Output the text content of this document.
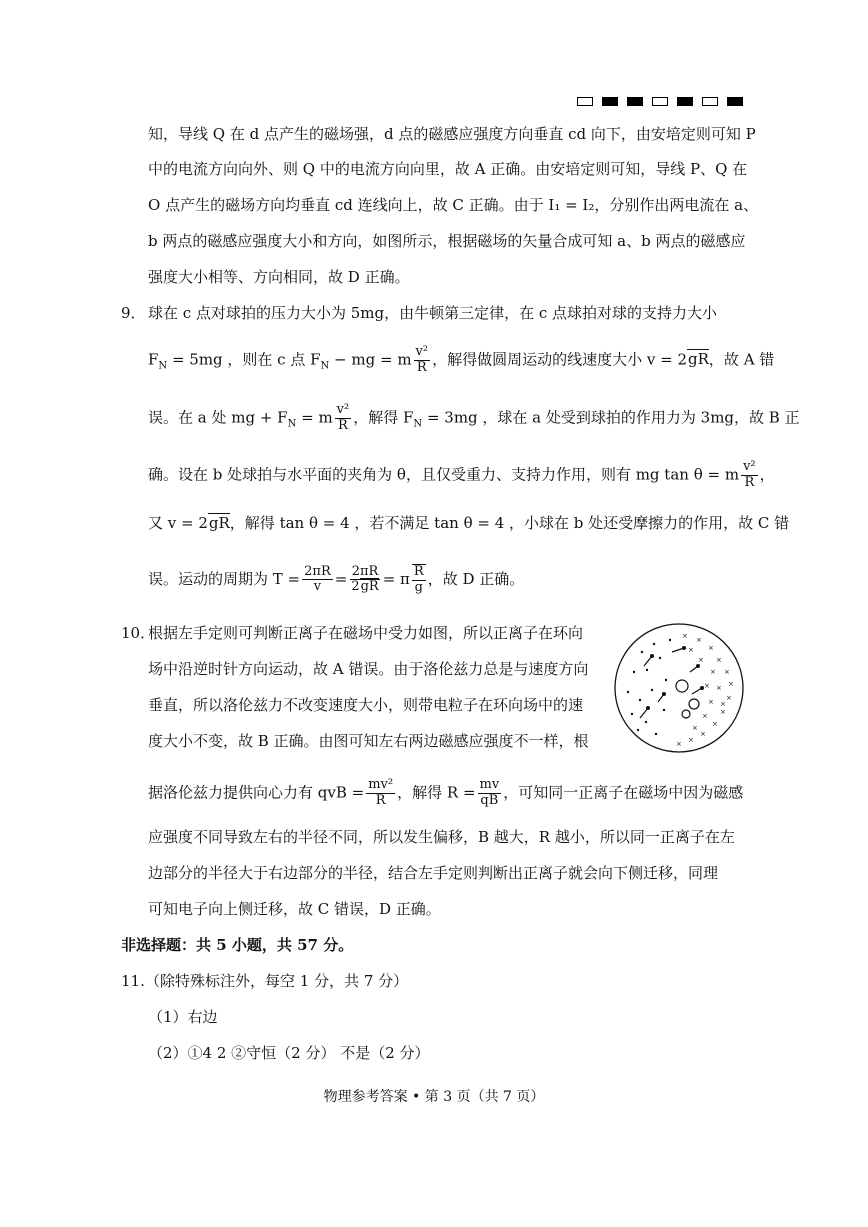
知，导线 Q 在 d 点产生的磁场强，d 点的磁感应强度方向垂直 cd 向下，由安培定则可知 P
中的电流方向向外、则 Q 中的电流方向向里，故 A 正确。由安培定则可知，导线 P、Q 在
O 点产生的磁场方向均垂直 cd 连线向上，故 C 正确。由于 I₁ = I₂，分别作出两电流在 a、
b 两点的磁感应强度大小和方向，如图所示，根据磁场的矢量合成可知 a、b 两点的磁感应
强度大小相等、方向相同，故 D 正确。
9． 球在 c 点对球拍的压力大小为 5mg，由牛顿第三定律，在 c 点球拍对球的支持力大小
$F_N = 5mg$ ，则在 c 点 $F_N$ − mg = m $\frac{\text{v²}}{R}$ ，解得做圆周运动的线速度大小 v = 2gR，故 A 错
误。在 a 处 mg + $F_N = m \frac{\text{v²}}{R}$ ，解得 $F_N = 3mg$ ，球在 a 处受到球拍的作用力为 3mg，故 B 正
确。设在 b 处球拍与水平面的夹角为 θ，且仅受重力、支持力作用，则有 mg tan θ = m $\frac{\text{v²}}{R}$ ，
又 v = 2gR，解得 tan θ = 4 ，若不满足 tan θ = 4 ，小球在 b 处还受摩擦力的作用，故 C 错
误。运动的周期为 $T = \frac{2\pi R}{v} = \frac{2\pi R}{2gR} = \pi \frac{R}{g}$ ，故 D 正确。
10．
根据左手定则可判断正离子在磁场中受力如图，所以正离子在环向
场中沿逆时针方向运动，故 A 错误。由于洛伦兹力总是与速度方向
垂直，所以洛伦兹力不改变速度大小，则带电粒子在环向场中的速
度大小不变，故 B 正确。由图可知左右两边磁感应强度不一样，根
据洛伦兹力提供向心力有 qvB = $\frac{\text{mv²}}{R}$ ，解得 $R = \frac{mv}{qB}$ ，可知同一正离子在磁场中因为磁感
应强度不同导致左右的半径不同，所以发生偏移，B 越大，R 越小，所以同一正离子在左
边部分的半径大于右边部分的半径，结合左手定则判断出正离子就会向下侧迁移，同理
可知电子向上侧迁移，故 C 错误，D 正确。
× ×
×
×
×
×
×
×
×
×
×
×
×
×
×
×
×
×
×
×
×
非选择题：共 5 小题，共 57 分。
11. （除特殊标注外，每空 1 分，共 7 分）
（1）右边
（2）①4 2 ②守恒（2 分） 不是（2 分）
物理参考答案 • 第 3 页（共 7 页）
